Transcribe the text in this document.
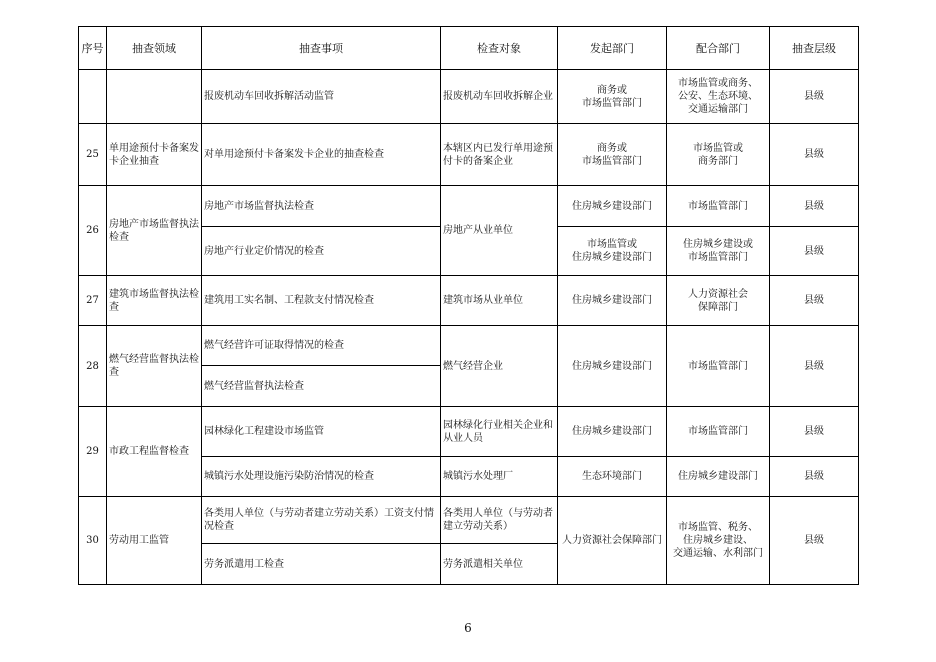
序号	抽查领域	抽查事项	检查对象	发起部门	配合部门	抽查层级
		报废机动车回收拆解活动监管	报废机动车回收拆解企业	商务或
市场监管部门	市场监管或商务、
公安、生态环境、
交通运输部门	县级
25	单用途预付卡备案发卡企业抽查	对单用途预付卡备案发卡企业的抽查检查	本辖区内已发行单用途预付卡的备案企业	商务或
市场监管部门	市场监管或
商务部门	县级
26	房地产市场监督执法检查	房地产市场监督执法检查	房地产从业单位	住房城乡建设部门	市场监管部门	县级
		房地产行业定价情况的检查		市场监管或
住房城乡建设部门	住房城乡建设或
市场监管部门	县级
27	建筑市场监督执法检查	建筑用工实名制、工程款支付情况检查	建筑市场从业单位	住房城乡建设部门	人力资源社会
保障部门	县级
28	燃气经营监督执法检查	燃气经营许可证取得情况的检查	燃气经营企业	住房城乡建设部门	市场监管部门	县级
		燃气经营监督执法检查				
29	市政工程监督检查	园林绿化工程建设市场监管	园林绿化行业相关企业和从业人员	住房城乡建设部门	市场监管部门	县级
		城镇污水处理设施污染防治情况的检查	城镇污水处理厂	生态环境部门	住房城乡建设部门	县级
30	劳动用工监管	各类用人单位（与劳动者建立劳动关系）工资支付情况检查	各类用人单位（与劳动者建立劳动关系）	人力资源社会保障部门	市场监管、税务、
住房城乡建设、
交通运输、水利部门	县级
		劳务派遣用工检查	劳务派遣相关单位			
6
